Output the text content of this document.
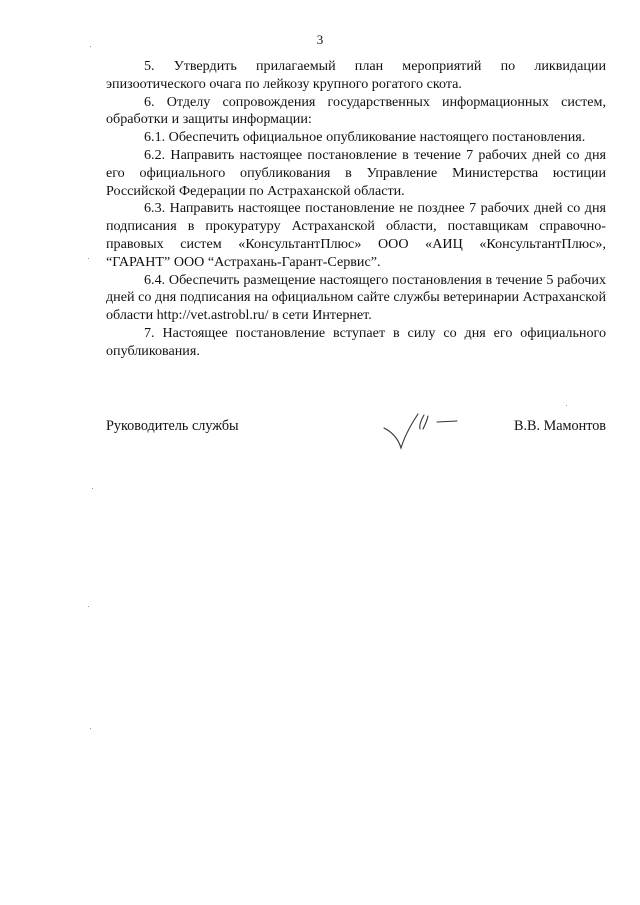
3

5. Утвердить прилагаемый план мероприятий по ликвидации эпизоотического очага по лейкозу крупного рогатого скота.

6. Отделу сопровождения государственных информационных систем, обработки и защиты информации:

6.1. Обеспечить официальное опубликование настоящего постановления.

6.2. Направить настоящее постановление в течение 7 рабочих дней со дня его официального опубликования в Управление Министерства юстиции Российской Федерации по Астраханской области.

6.3. Направить настоящее постановление не позднее 7 рабочих дней со дня подписания в прокуратуру Астраханской области, поставщикам справочно-правовых систем «КонсультантПлюс» ООО «АИЦ «КонсультантПлюс», “ГАРАНТ” ООО “Астрахань-Гарант-Сервис”.

6.4. Обеспечить размещение настоящего постановления в течение 5 рабочих дней со дня подписания на официальном сайте службы ветеринарии Астраханской области http://vet.astrobl.ru/ в сети Интернет.

7. Настоящее постановление вступает в силу со дня его официального опубликования.

Руководитель службы	В.В. Мамонтов
